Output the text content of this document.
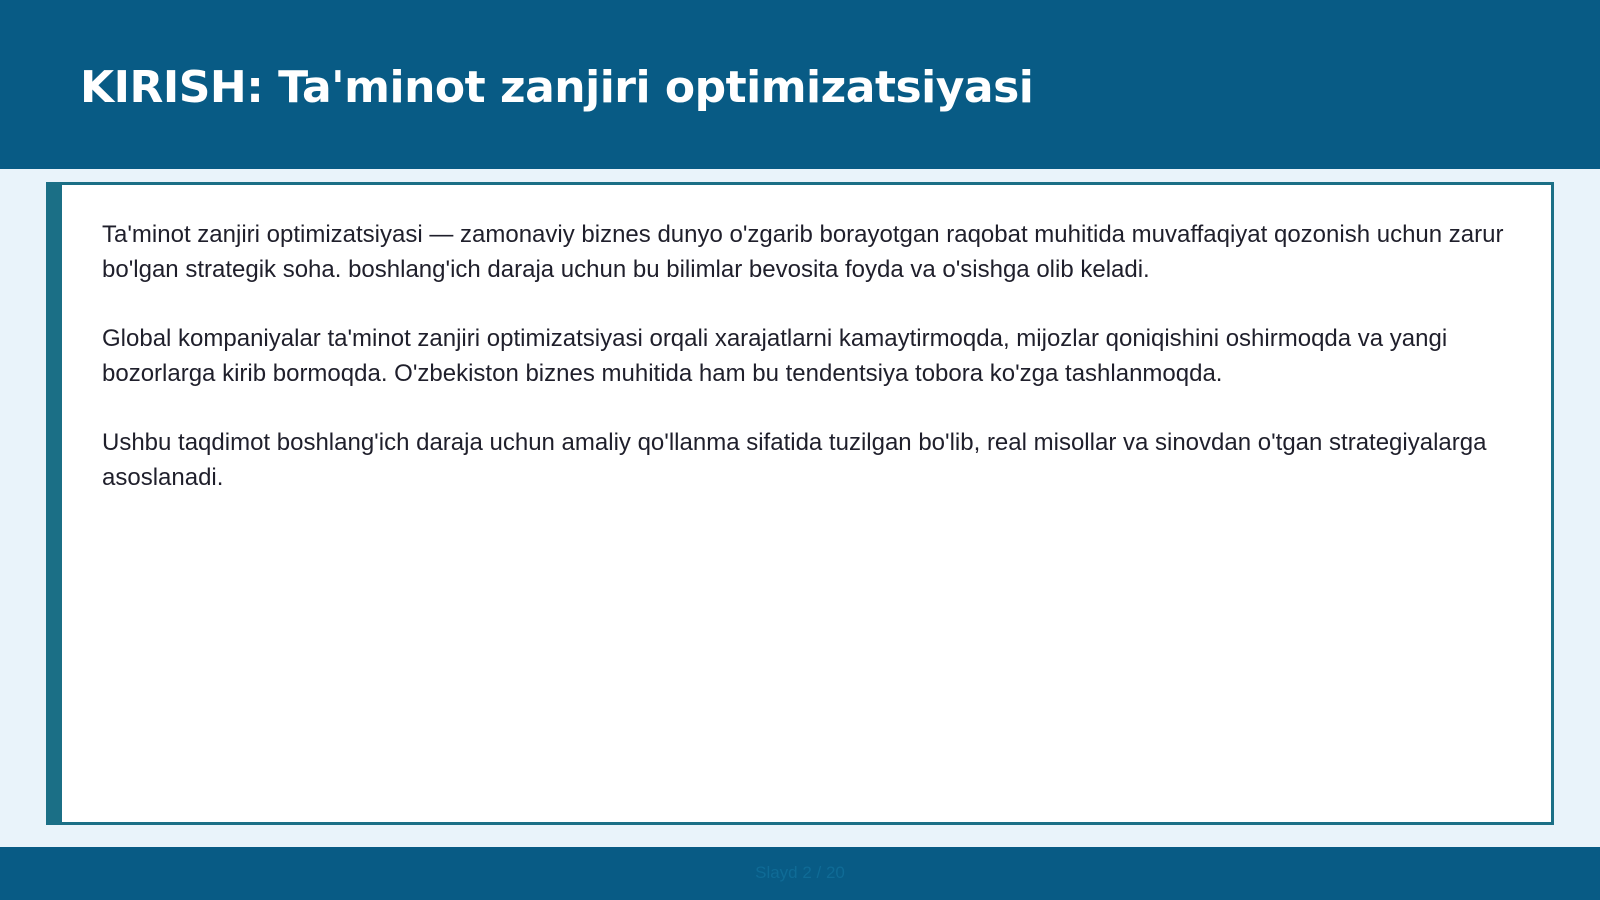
KIRISH: Ta'minot zanjiri optimizatsiyasi

Ta'minot zanjiri optimizatsiyasi — zamonaviy biznes dunyo o'zgarib borayotgan raqobat muhitida muvaffaqiyat qozonish uchun zarur bo'lgan strategik soha. boshlang'ich daraja uchun bu bilimlar bevosita foyda va o'sishga olib keladi.

Global kompaniyalar ta'minot zanjiri optimizatsiyasi orqali xarajatlarni kamaytirmoqda, mijozlar qoniqishini oshirmoqda va yangi bozorlarga kirib bormoqda. O'zbekiston biznes muhitida ham bu tendentsiya tobora ko'zga tashlanmoqda.

Ushbu taqdimot boshlang'ich daraja uchun amaliy qo'llanma sifatida tuzilgan bo'lib, real misollar va sinovdan o'tgan strategiyalarga asoslanadi.

Slayd 2 / 20
